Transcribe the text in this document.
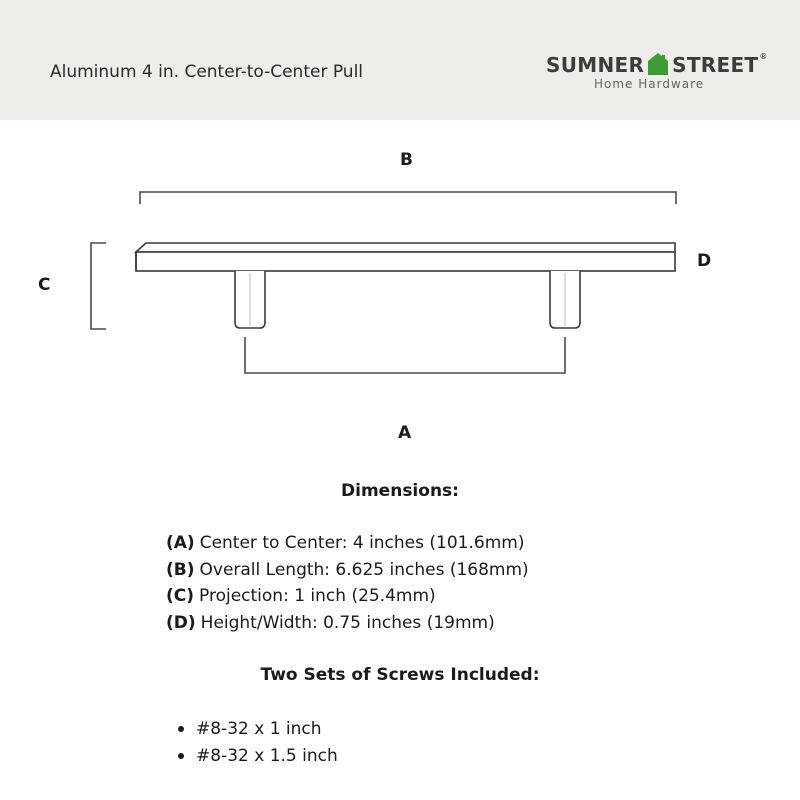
Aluminum 4 in. Center-to-Center Pull	SUMNER STREET ®
Home Hardware
B
C
D
A
Dimensions:
(A) Center to Center: 4 inches (101.6mm)
(B) Overall Length: 6.625 inches (168mm)
(C) Projection: 1 inch (25.4mm)
(D) Height/Width: 0.75 inches (19mm)
Two Sets of Screws Included:
#8-32 x 1 inch
#8-32 x 1.5 inch
